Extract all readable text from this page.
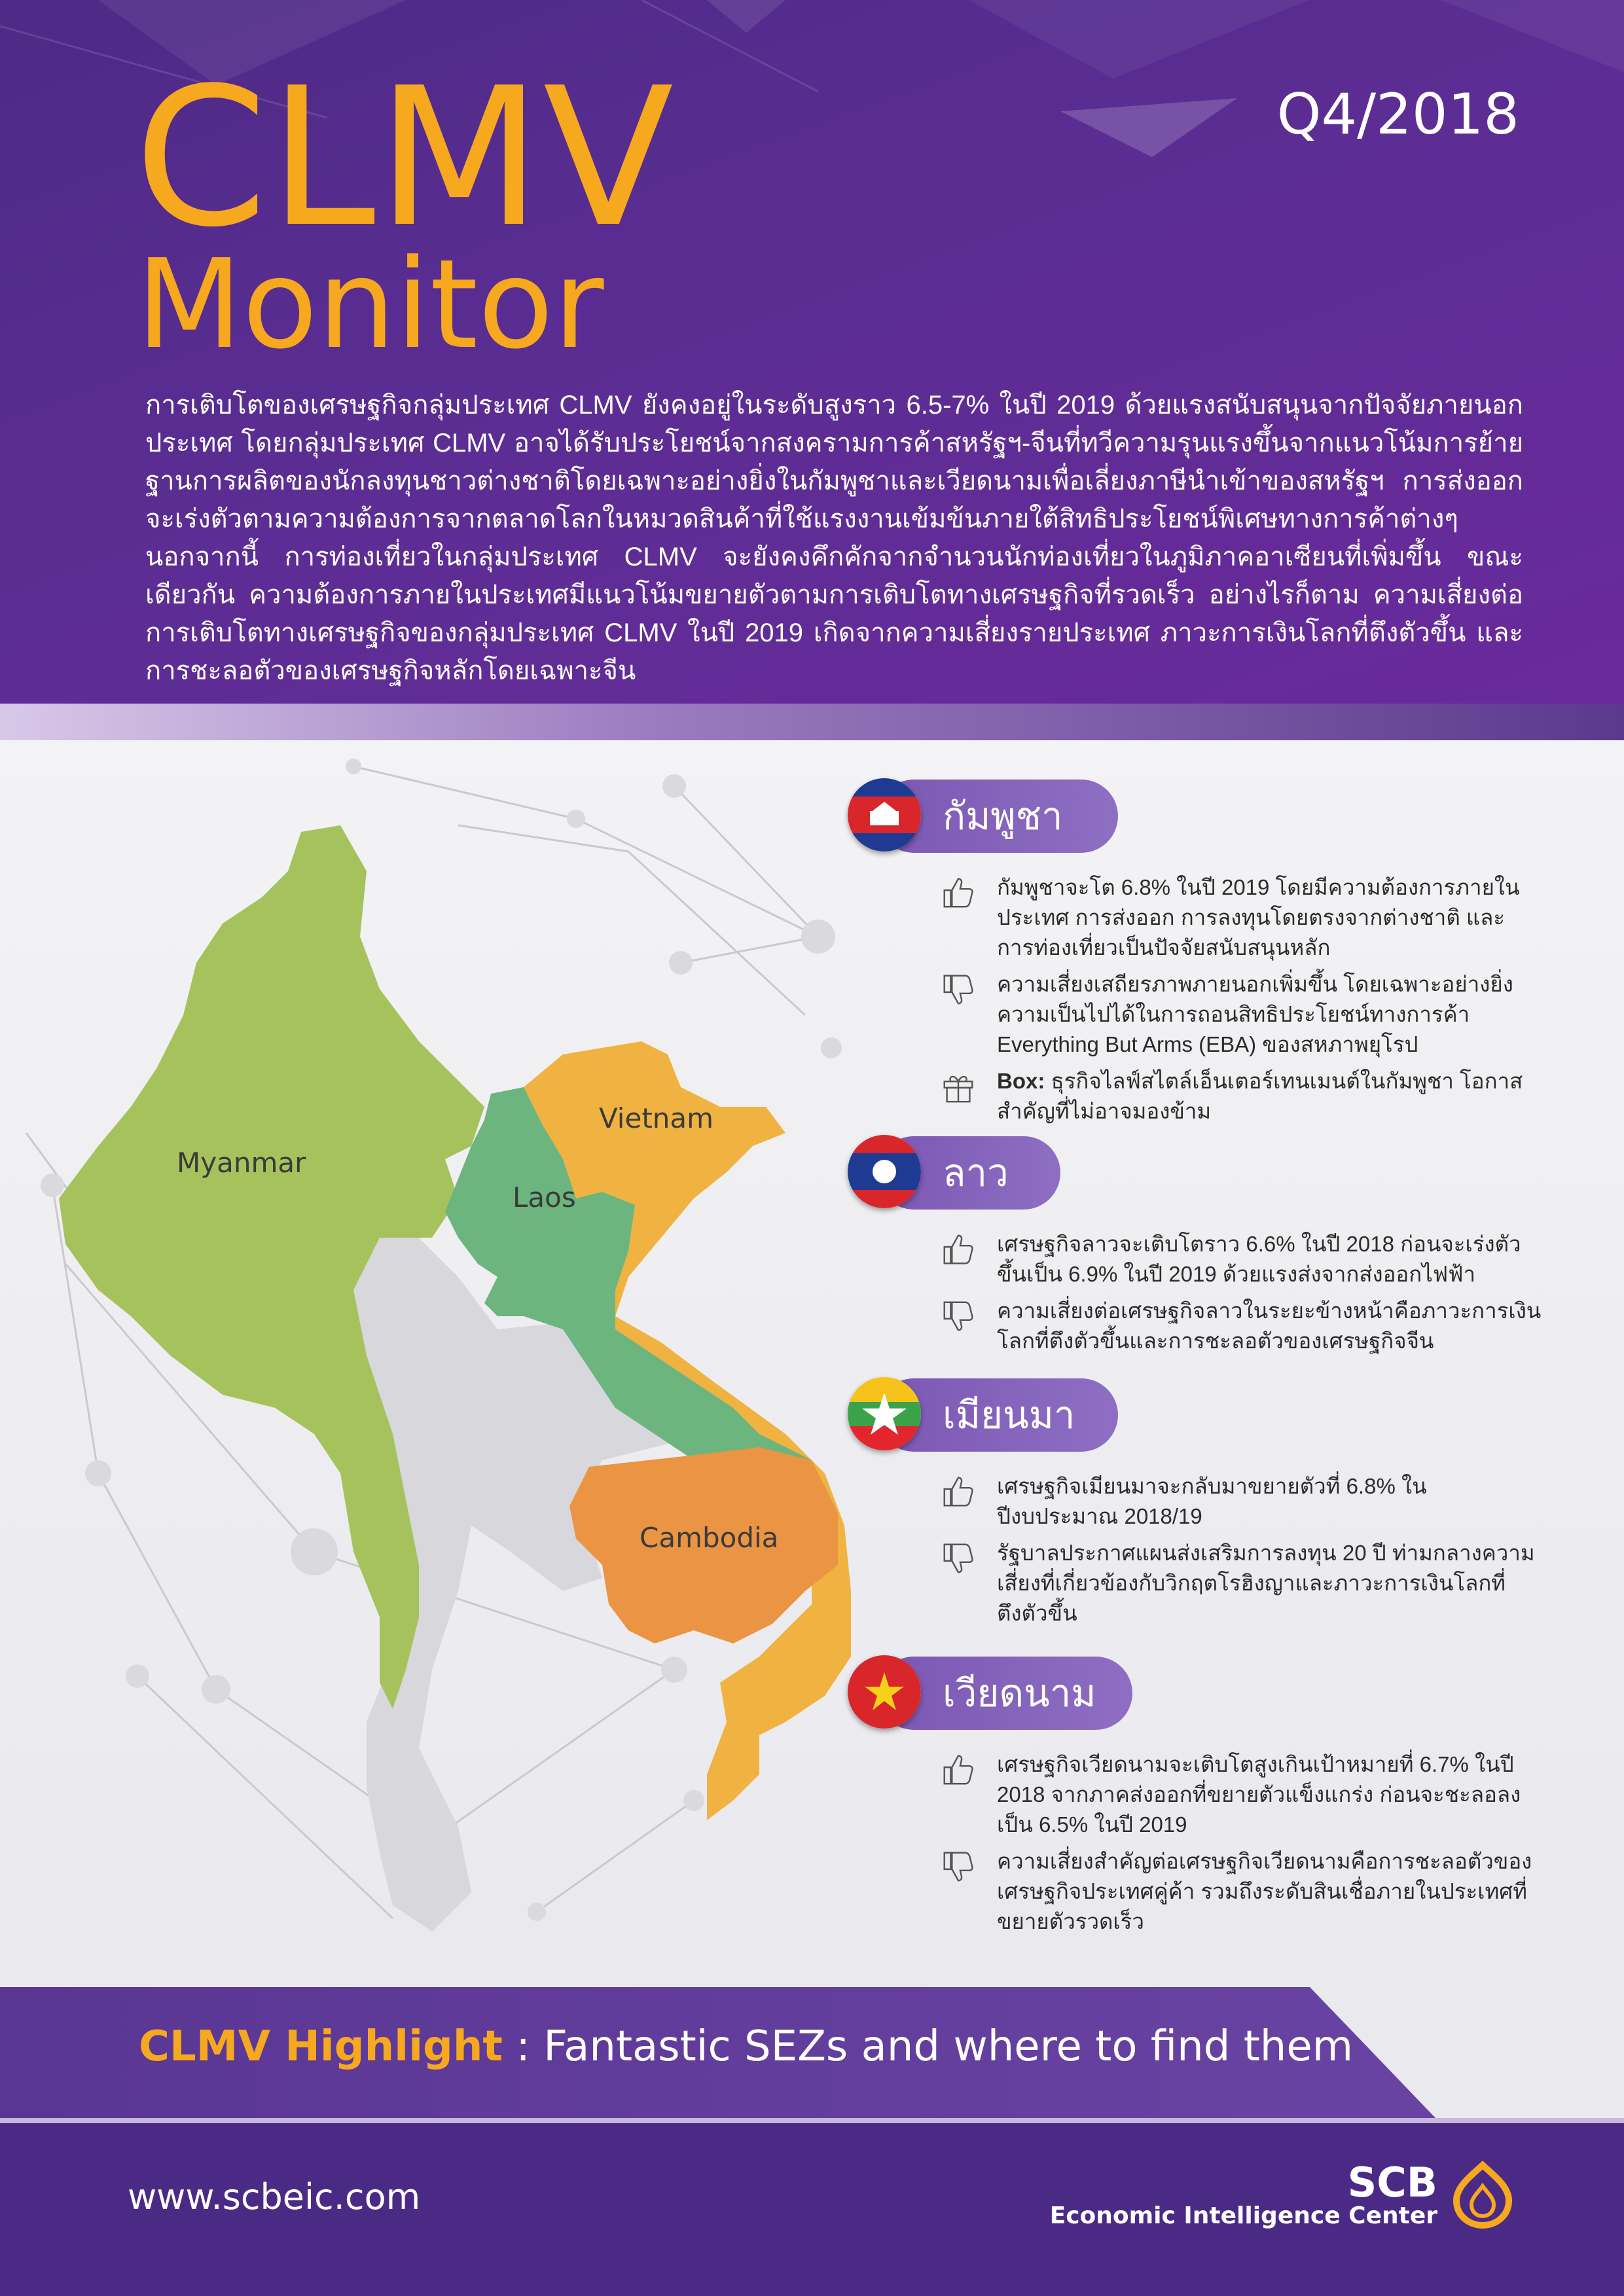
CLMV
Monitor
Q4/2018
การเติบโตของเศรษฐกิจกลุ่มประเทศ CLMV ยังคงอยู่ในระดับสูงราว 6.5-7% ในปี 2019 ด้วยแรงสนับสนุนจากปัจจัยภายนอกประเทศ โดยกลุ่มประเทศ CLMV อาจได้รับประโยชน์จากสงครามการค้าสหรัฐฯ-จีนที่ทวีความรุนแรงขึ้นจากแนวโน้มการย้ายฐานการผลิตของนักลงทุนชาวต่างชาติโดยเฉพาะอย่างยิ่งในกัมพูชาและเวียดนามเพื่อเลี่ยงภาษีนำเข้าของสหรัฐฯ การส่งออกจะเร่งตัวตามความต้องการจากตลาดโลกในหมวดสินค้าที่ใช้แรงงานเข้มข้นภายใต้สิทธิประโยชน์พิเศษทางการค้าต่างๆ นอกจากนี้ การท่องเที่ยวในกลุ่มประเทศ CLMV จะยังคงคึกคักจากจำนวนนักท่องเที่ยวในภูมิภาคอาเซียนที่เพิ่มขึ้น ขณะเดียวกัน ความต้องการภายในประเทศมีแนวโน้มขยายตัวตามการเติบโตทางเศรษฐกิจที่รวดเร็ว อย่างไรก็ตาม ความเสี่ยงต่อการเติบโตทางเศรษฐกิจของกลุ่มประเทศ CLMV ในปี 2019 เกิดจากความเสี่ยงรายประเทศ ภาวะการเงินโลกที่ตึงตัวขึ้น และการชะลอตัวของเศรษฐกิจหลักโดยเฉพาะจีน
Myanmar
Laos
Vietnam
Cambodia
กัมพูชา
กัมพูชาจะโต 6.8% ในปี 2019 โดยมีความต้องการภายในประเทศ การส่งออก การลงทุนโดยตรงจากต่างชาติ และการท่องเที่ยวเป็นปัจจัยสนับสนุนหลัก
ความเสี่ยงเสถียรภาพภายนอกเพิ่มขึ้น โดยเฉพาะอย่างยิ่งความเป็นไปได้ในการถอนสิทธิประโยชน์ทางการค้า Everything But Arms (EBA) ของสหภาพยุโรป
Box: ธุรกิจไลฟ์สไตล์เอ็นเตอร์เทนเมนต์ในกัมพูชา โอกาสสำคัญที่ไม่อาจมองข้าม
ลาว
เศรษฐกิจลาวจะเติบโตราว 6.6% ในปี 2018 ก่อนจะเร่งตัวขึ้นเป็น 6.9% ในปี 2019 ด้วยแรงส่งจากส่งออกไฟฟ้า
ความเสี่ยงต่อเศรษฐกิจลาวในระยะข้างหน้าคือภาวะการเงินโลกที่ตึงตัวขึ้นและการชะลอตัวของเศรษฐกิจจีน
เมียนมา
เศรษฐกิจเมียนมาจะกลับมาขยายตัวที่ 6.8% ในปีงบประมาณ 2018/19
รัฐบาลประกาศแผนส่งเสริมการลงทุน 20 ปี ท่ามกลางความเสี่ยงที่เกี่ยวข้องกับวิกฤตโรฮิงญาและภาวะการเงินโลกที่ตึงตัวขึ้น
เวียดนาม
เศรษฐกิจเวียดนามจะเติบโตสูงเกินเป้าหมายที่ 6.7% ในปี 2018 จากภาคส่งออกที่ขยายตัวแข็งแกร่ง ก่อนจะชะลอลงเป็น 6.5% ในปี 2019
ความเสี่ยงสำคัญต่อเศรษฐกิจเวียดนามคือการชะลอตัวของเศรษฐกิจประเทศคู่ค้า รวมถึงระดับสินเชื่อภายในประเทศที่ขยายตัวรวดเร็ว
CLMV Highlight : Fantastic SEZs and where to find them
www.scbeic.com	SCB
Economic Intelligence Center
